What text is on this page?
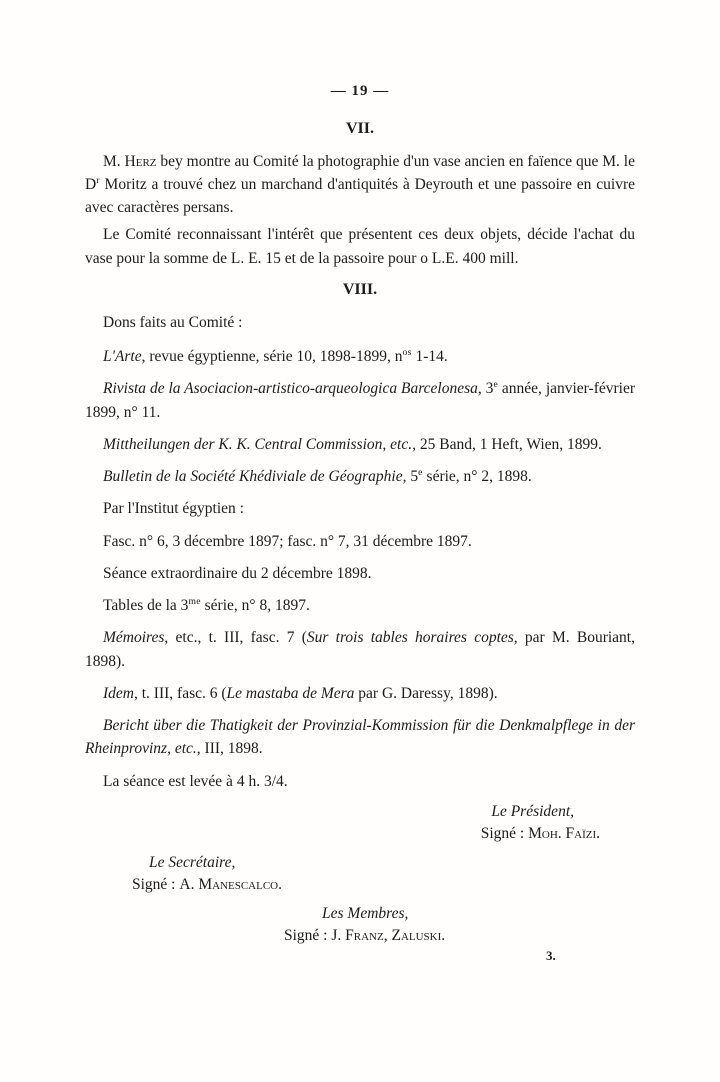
— 19 —
VII.

M. Herz bey montre au Comité la photographie d'un vase ancien en faïence que M. le $D^r$ Moritz a trouvé chez un marchand d'antiquités à Deyrouth et une passoire en cuivre avec caractères persans.

Le Comité reconnaissant l'intérêt que présentent ces deux objets, décide l'achat du vase pour la somme de L. E. 15 et de la passoire pour o L.E. 400 mill.

VIII.

Dons faits au Comité :

L'Arte, revue égyptienne, série 10, 1898-1899, $n^{os}$ 1-14.

Rivista de la Asociacion-artistico-arqueologica Barcelonesa, 3e année, janvier-février 1899, n° 11.

Mittheilungen der K. K. Central Commission, etc., 25 Band, 1 Heft, Wien, 1899.

Bulletin de la Société Khédiviale de Géographie, 5e série, n° 2, 1898.

Par l'Institut égyptien :

Fasc. n° 6, 3 décembre 1897; fasc. n° 7, 31 décembre 1897.

Séance extraordinaire du 2 décembre 1898.

Tables de la $3^{me}$ série, n° 8, 1897.

Mémoires, etc., t. III, fasc. 7 (Sur trois tables horaires coptes, par M. Bouriant, 1898).

Idem, t. III, fasc. 6 (Le mastaba de Mera par G. Daressy, 1898).

Bericht über die Thatigkeit der Provinzial-Kommission für die Denkmalpflege in der Rheinprovinz, etc., III, 1898.

La séance est levée à 4 h. 3/4.

Le Président,
Signé : Moh. Faïzi.
Le Secrétaire,
Signé : A. Manescalco.
Les Membres,
Signé : J. Franz, Zaluski.
3.
